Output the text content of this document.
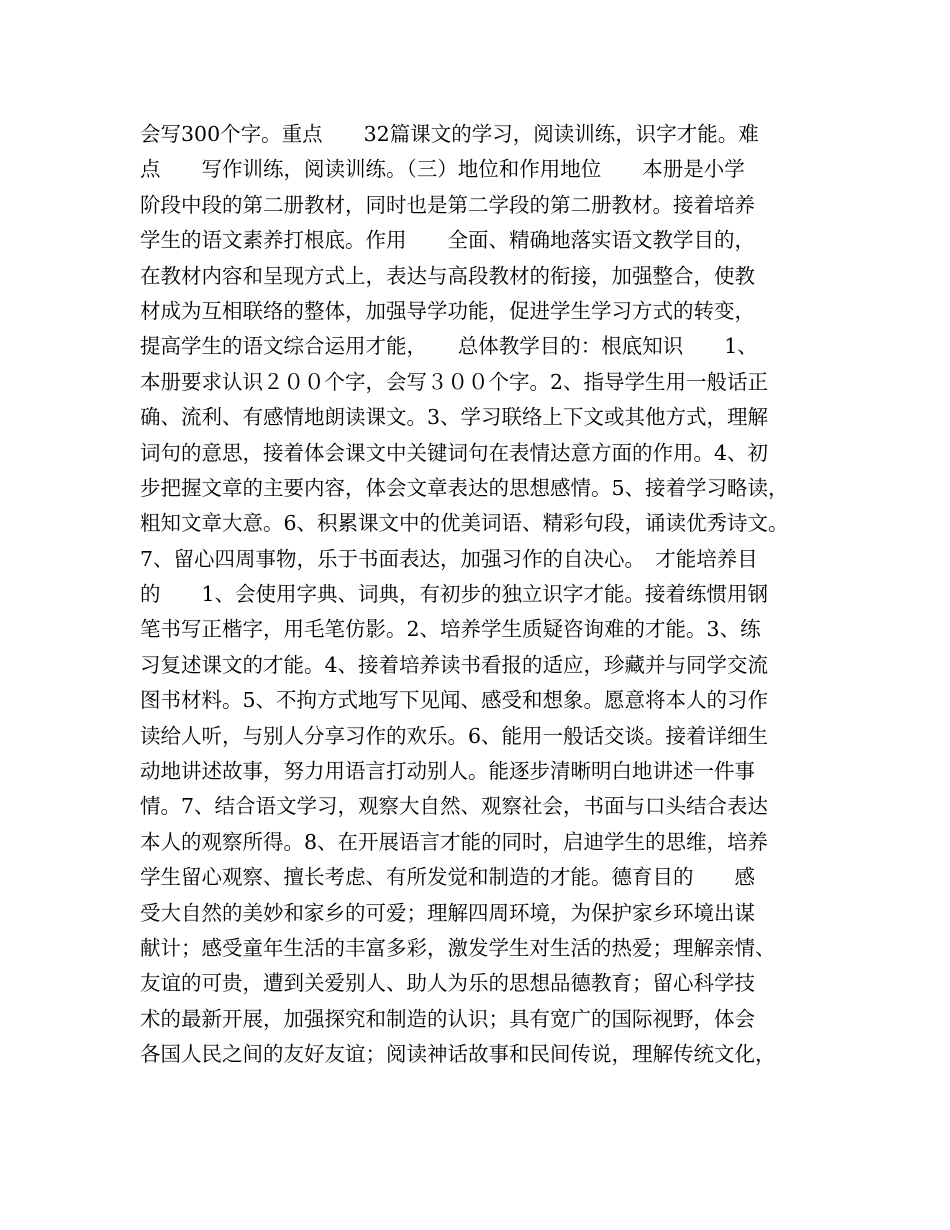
会写300个字。重点　　32篇课文的学习，阅读训练，识字才能。难
点　　写作训练，阅读训练。（三）地位和作用地位　　本册是小学
阶段中段的第二册教材，同时也是第二学段的第二册教材。接着培养
学生的语文素养打根底。作用　　全面、精确地落实语文教学目的，
在教材内容和呈现方式上，表达与高段教材的衔接，加强整合，使教
材成为互相联络的整体，加强导学功能，促进学生学习方式的转变，
提高学生的语文综合运用才能，　　总体教学目的：根底知识　　1、
本册要求认识２００个字，会写３００个字。2、指导学生用一般话正
确、流利、有感情地朗读课文。3、学习联络上下文或其他方式，理解
词句的意思，接着体会课文中关键词句在表情达意方面的作用。4、初
步把握文章的主要内容，体会文章表达的思想感情。5、接着学习略读，
粗知文章大意。6、积累课文中的优美词语、精彩句段，诵读优秀诗文。
7、留心四周事物，乐于书面表达，加强习作的自决心。　才能培养目
的　　1、会使用字典、词典，有初步的独立识字才能。接着练惯用钢
笔书写正楷字，用毛笔仿影。2、培养学生质疑咨询难的才能。3、练
习复述课文的才能。4、接着培养读书看报的适应，珍藏并与同学交流
图书材料。5、不拘方式地写下见闻、感受和想象。愿意将本人的习作
读给人听，与别人分享习作的欢乐。6、能用一般话交谈。接着详细生
动地讲述故事，努力用语言打动别人。能逐步清晰明白地讲述一件事
情。7、结合语文学习，观察大自然、观察社会，书面与口头结合表达
本人的观察所得。8、在开展语言才能的同时，启迪学生的思维，培养
学生留心观察、擅长考虑、有所发觉和制造的才能。德育目的　　感
受大自然的美妙和家乡的可爱；理解四周环境，为保护家乡环境出谋
献计；感受童年生活的丰富多彩，激发学生对生活的热爱；理解亲情、
友谊的可贵，遭到关爱别人、助人为乐的思想品德教育；留心科学技
术的最新开展，加强探究和制造的认识；具有宽广的国际视野，体会
各国人民之间的友好友谊；阅读神话故事和民间传说，理解传统文化，
